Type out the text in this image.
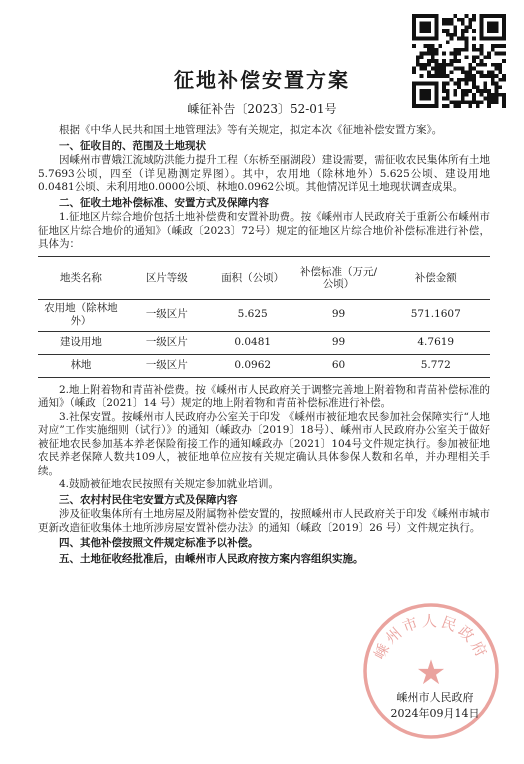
征地补偿安置方案
嵊征补告〔2023〕52-01号

根据《中华人民共和国土地管理法》等有关规定，拟定本次《征地补偿安置方案》。

一、征收目的、范围及土地现状

因嵊州市曹娥江流域防洪能力提升工程（东桥至丽湖段）建设需要，需征收农民集体所有土地5.7693公顷，四至（详见勘测定界图）。其中，农用地（除林地外）5.625公顷、建设用地0.0481公顷、未利用地0.0000公顷、林地0.0962公顷。其他情况详见土地现状调查成果。

二、征收土地补偿标准、安置方式及保障内容

1.征地区片综合地价包括土地补偿费和安置补助费。按《嵊州市人民政府关于重新公布嵊州市征地区片综合地价的通知》（嵊政〔2023〕72号）规定的征地区片综合地价补偿标准进行补偿，具体为：

地类名称	区片等级	面积（公顷）	补偿标准（万元/公顷）	补偿金额
农用地（除林地外）	一级区片	5.625	99	571.1607
建设用地	一级区片	0.0481	99	4.7619
林地	一级区片	0.0962	60	5.772

2.地上附着物和青苗补偿费。按《嵊州市人民政府关于调整完善地上附着物和青苗补偿标准的通知》（嵊政〔2021〕14 号）规定的地上附着物和青苗补偿标准进行补偿。

3.社保安置。按嵊州市人民政府办公室关于印发 《嵊州市被征地农民参加社会保障实行“人地对应”工作实施细则（试行）》的通知（嵊政办〔2019〕18号）、嵊州市人民政府办公室关于做好 被征地农民参加基本养老保险衔接工作的通知嵊政办〔2021〕104号文件规定执行。参加被征地农民养老保障人数共109人，被征地单位应按有关规定确认具体参保人数和名单，并办理相关手续。

4.鼓励被征地农民按照有关规定参加就业培训。

三、农村村民住宅安置方式及保障内容

涉及征收集体所有土地房屋及附属物补偿安置的，按照嵊州市人民政府关于印发《嵊州市城市更新改造征收集体土地所涉房屋安置补偿办法》的通知（嵊政〔2019〕26 号）文件规定执行。

四、其他补偿按照文件规定标准予以补偿。
五、土地征收经批准后，由嵊州市人民政府按方案内容组织实施。
嵊州市人民政府
★
嵊州市人民政府
2024年09月14日
